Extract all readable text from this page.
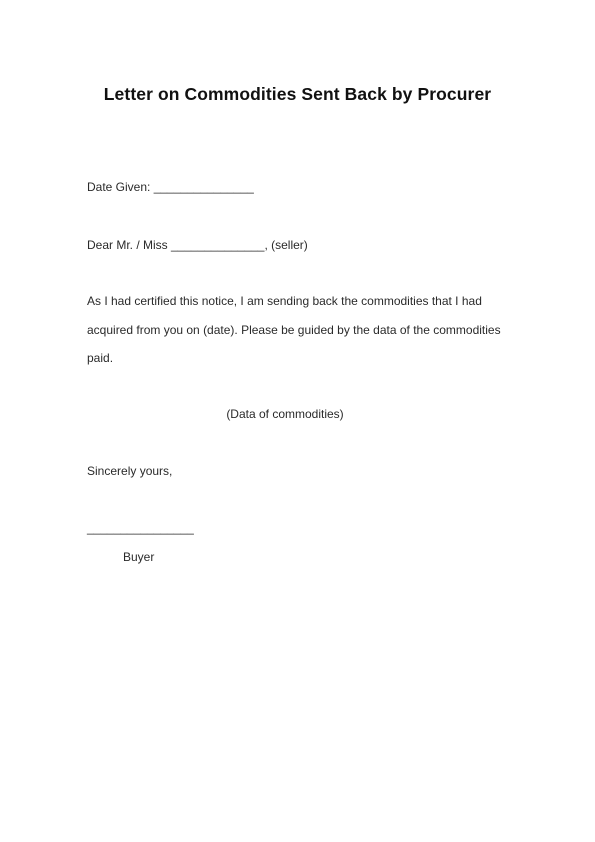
Letter on Commodities Sent Back by Procurer
Date Given: _______________
Dear Mr. / Miss ______________, (seller)
As I had certified this notice, I am sending back the commodities that I had
acquired from you on (date). Please be guided by the data of the commodities
paid.
(Data of commodities)
Sincerely yours,
________________
Buyer
